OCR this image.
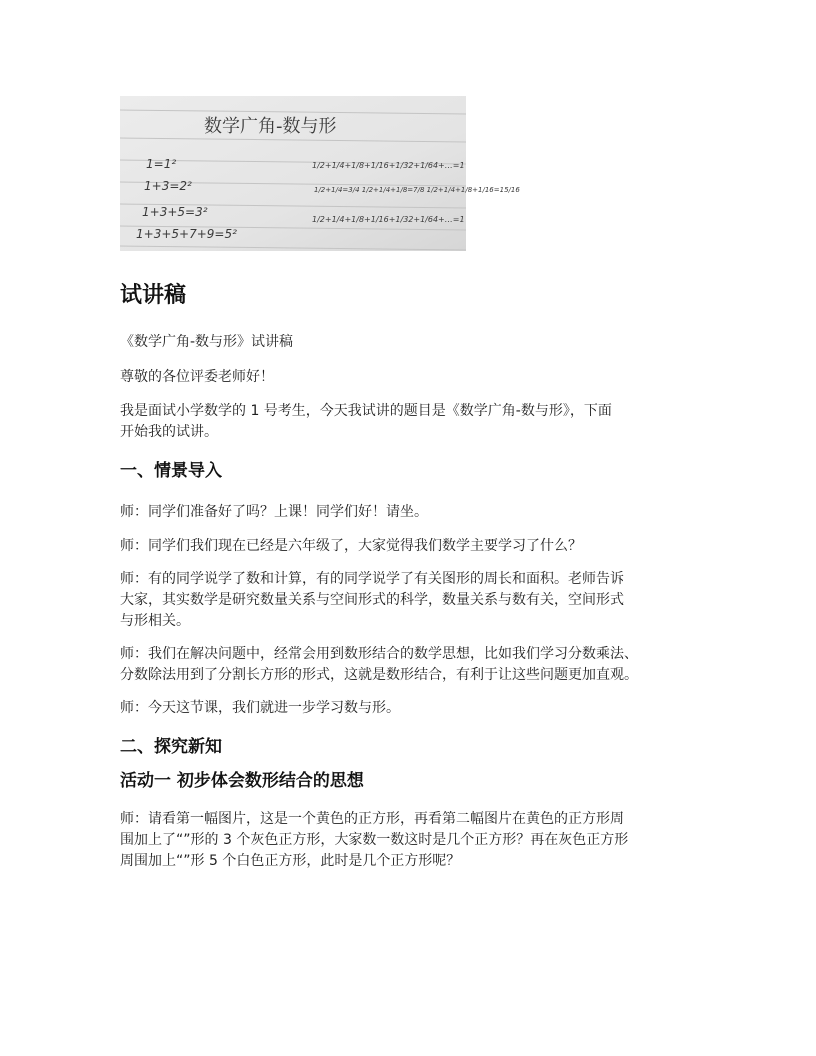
数学广角-数与形
1=1²
1+3=2²
1+3+5=3²
1+3+5+7+9=5²
1/2+1/4+1/8+1/16+1/32+1/64+…=1
1/2+1/4=3/4 1/2+1/4+1/8=7/8 1/2+1/4+1/8+1/16=15/16
1/2+1/4+1/8+1/16+1/32+1/64+…=1
试讲稿

《数学广角-数与形》试讲稿

尊敬的各位评委老师好！

我是面试小学数学的 1 号考生，今天我试讲的题目是《数学广角-数与形》，下面

开始我的试讲。

一、情景导入

师：同学们准备好了吗？上课！同学们好！请坐。

师：同学们我们现在已经是六年级了，大家觉得我们数学主要学习了什么？

师：有的同学说学了数和计算，有的同学说学了有关图形的周长和面积。老师告诉

大家，其实数学是研究数量关系与空间形式的科学，数量关系与数有关，空间形式

与形相关。

师：我们在解决问题中，经常会用到数形结合的数学思想，比如我们学习分数乘法、

分数除法用到了分割长方形的形式，这就是数形结合，有利于让这些问题更加直观。

师：今天这节课，我们就进一步学习数与形。

二、探究新知
活动一 初步体会数形结合的思想

师：请看第一幅图片，这是一个黄色的正方形，再看第二幅图片在黄色的正方形周

围加上了“”形的 3 个灰色正方形，大家数一数这时是几个正方形？再在灰色正方形

周围加上“”形 5 个白色正方形，此时是几个正方形呢？
